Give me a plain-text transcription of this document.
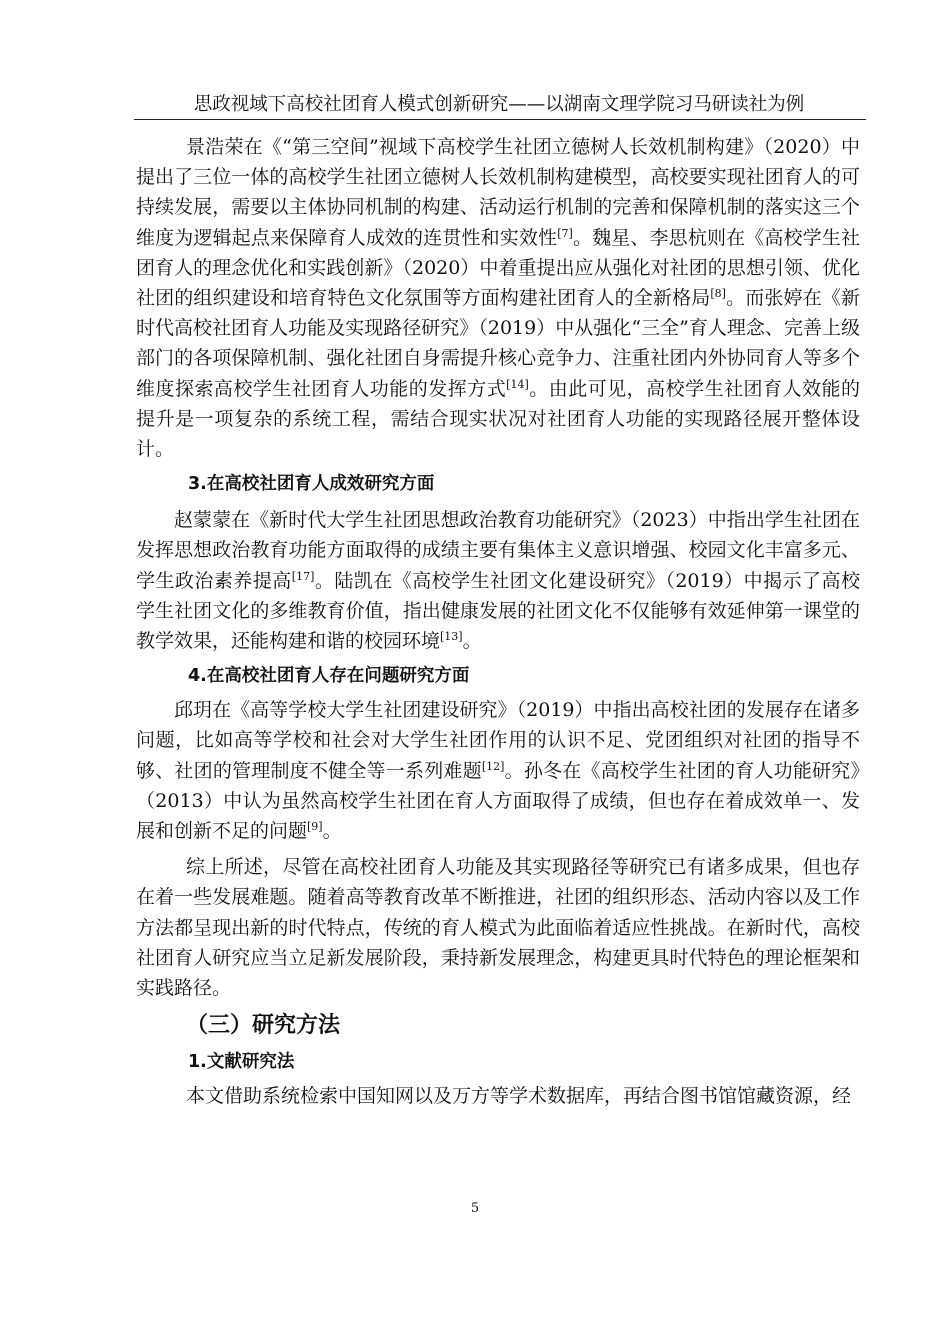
思政视域下高校社团育人模式创新研究——以湖南文理学院习马研读社为例

景浩荣在《“第三空间”视域下高校学生社团立德树人长效机制构建》（2020）中提出了三位一体的高校学生社团立德树人长效机制构建模型，高校要实现社团育人的可持续发展，需要以主体协同机制的构建、活动运行机制的完善和保障机制的落实这三个维度为逻辑起点来保障育人成效的连贯性和实效性[7]。魏星、李思杭则在《高校学生社团育人的理念优化和实践创新》（2020）中着重提出应从强化对社团的思想引领、优化社团的组织建设和培育特色文化氛围等方面构建社团育人的全新格局[8]。而张婷在《新时代高校社团育人功能及实现路径研究》（2019）中从强化“三全”育人理念、完善上级部门的各项保障机制、强化社团自身需提升核心竞争力、注重社团内外协同育人等多个维度探索高校学生社团育人功能的发挥方式[14]。由此可见，高校学生社团育人效能的提升是一项复杂的系统工程，需结合现实状况对社团育人功能的实现路径展开整体设计。

3.在高校社团育人成效研究方面

赵蒙蒙在《新时代大学生社团思想政治教育功能研究》（2023）中指出学生社团在发挥思想政治教育功能方面取得的成绩主要有集体主义意识增强、校园文化丰富多元、学生政治素养提高[17]。陆凯在《高校学生社团文化建设研究》（2019）中揭示了高校学生社团文化的多维教育价值，指出健康发展的社团文化不仅能够有效延伸第一课堂的教学效果，还能构建和谐的校园环境[13]。

4.在高校社团育人存在问题研究方面

邱玥在《高等学校大学生社团建设研究》（2019）中指出高校社团的发展存在诸多问题，比如高等学校和社会对大学生社团作用的认识不足、党团组织对社团的指导不够、社团的管理制度不健全等一系列难题[12]。孙冬在《高校学生社团的育人功能研究》（2013）中认为虽然高校学生社团在育人方面取得了成绩，但也存在着成效单一、发展和创新不足的问题[9]。

综上所述，尽管在高校社团育人功能及其实现路径等研究已有诸多成果，但也存在着一些发展难题。随着高等教育改革不断推进，社团的组织形态、活动内容以及工作方法都呈现出新的时代特点，传统的育人模式为此面临着适应性挑战。在新时代，高校社团育人研究应当立足新发展阶段，秉持新发展理念，构建更具时代特色的理论框架和实践路径。

（三）研究方法
1.文献研究法

本文借助系统检索中国知网以及万方等学术数据库，再结合图书馆馆藏资源，经

5
